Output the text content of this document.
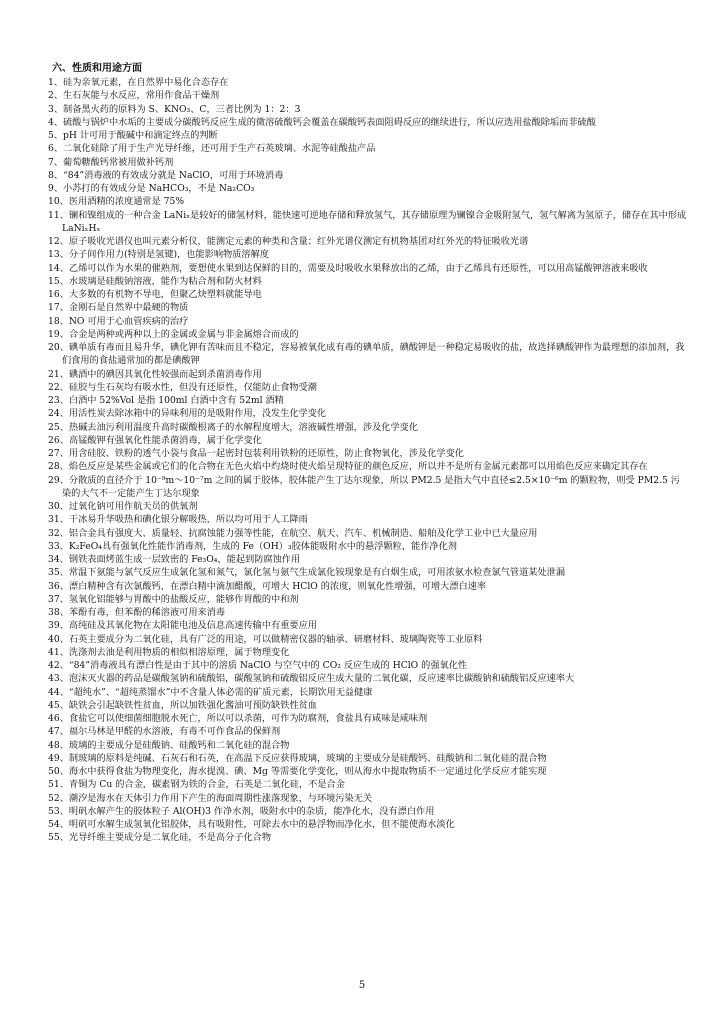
六、性质和用途方面
1、硅为亲氧元素，在自然界中易化合态存在
2、生石灰能与水反应，常用作食品干燥剂
3、制备黑火药的原料为 S、KNO₃、C，三者比例为 1：2：3
4、硫酸与锅炉中水垢的主要成分碳酸钙反应生成的微溶硫酸钙会覆盖在碳酸钙表面阻碍反应的继续进行，所以应选用盐酸除垢而非硫酸
5、pH 计可用于酸碱中和滴定终点的判断
6、二氧化硅除了用于生产光导纤维，还可用于生产石英玻璃、水泥等硅酸盐产品
7、葡萄糖酸钙常被用做补钙剂
8、“84”消毒液的有效成分就是 NaClO，可用于环境消毒
9、小苏打的有效成分是 NaHCO₃，不是 Na₂CO₃
10、医用酒精的浓度通常是 75%
11、镧和镍组成的一种合金 LaNiₓ是较好的储氢材料，能快速可逆地存储和释放氢气，其存储原理为镧镍合金吸附氢气，氢气解离为氢原子，储存在其中形成 LaNiₓHₓ
12、原子吸收光谱仪也叫元素分析仪，能测定元素的种类和含量；红外光谱仪测定有机物基团对红外光的特征吸收光谱
13、分子间作用力(特别是氢键)，也能影响物质溶解度
14、乙烯可以作为水果的催熟剂，要想使水果到达保鲜的目的，需要及时吸收水果释放出的乙烯，由于乙烯具有还原性，可以用高锰酸钾溶液来吸收
15、水玻璃是硅酸钠溶液，能作为粘合剂和防火材料
16、大多数的有机物不导电，但聚乙炔塑料就能导电
17、金刚石是自然界中最硬的物质
18、NO 可用于心血管疾病的治疗
19、合金是两种或两种以上的金属或金属与非金属熔合而成的
20、碘单质有毒而且易升华，碘化钾有苦味而且不稳定，容易被氧化成有毒的碘单质，碘酸钾是一种稳定易吸收的盐，故选择碘酸钾作为最理想的添加剂，我们食用的食盐通常加的都是碘酸钾
21、碘酒中的碘因其氧化性较强而起到杀菌消毒作用
22、硅胶与生石灰均有吸水性，但没有还原性，仅能防止食物受潮
23、白酒中 52%Vol 是指 100ml 白酒中含有 52ml 酒精
24、用活性炭去除冰箱中的异味利用的是吸附作用，没发生化学变化
25、热碱去油污利用温度升高时碳酸根离子的水解程度增大，溶液碱性增强，涉及化学变化
26、高锰酸钾有强氧化性能杀菌消毒，属于化学变化
27、用含硅胶、铁粉的透气小袋与食品一起密封包装利用铁粉的还原性，防止食物氧化，涉及化学变化
28、焰色反应是某些金属或它们的化合物在无色火焰中灼烧时使火焰呈现特征的颜色反应，所以并不是所有金属元素都可以用焰色反应来确定其存在
29、分散质的直径介于 10⁻⁹m～10⁻⁷m 之间的属于胶体，胶体能产生丁达尔现象，所以 PM2.5 是指大气中直径≤2.5×10⁻⁶m 的颗粒物，则受 PM2.5 污染的大气不一定能产生丁达尔现象
30、过氧化钠可用作航天员的供氧剂
31、干冰易升华吸热和碘化银分解吸热，所以均可用于人工降雨
32、铝合金具有强度大、质量轻、抗腐蚀能力强等性能，在航空、航天、汽车、机械制造、船舶及化学工业中已大量应用
33、K₂FeO₄具有强氧化性能作消毒剂，生成的 Fe（OH）₃胶体能吸附水中的悬浮颗粒，能作净化剂
34、钢铁表面烤蓝生成一层致密的 Fe₃O₄，能起到防腐蚀作用
35、常温下氨能与氯气反应生成氯化氢和氮气，氯化氢与氨气生成氯化铵现象是有白烟生成，可用浓氨水检查氯气管道某处泄漏
36、漂白精种含有次氯酸钙，在漂白精中滴加醋酸，可增大 HClO 的浓度，则氧化性增强，可增大漂白速率
37、氢氧化铝能够与胃酸中的盐酸反应，能够作胃酸的中和剂
38、苯酚有毒，但苯酚的稀溶液可用来消毒
39、高纯硅及其氧化物在太阳能电池及信息高速传输中有重要应用
40、石英主要成分为二氧化硅，具有广泛的用途，可以做精密仪器的轴承、研磨材料、玻璃陶瓷等工业原料
41、洗涤剂去油是利用物质的相似相溶原理，属于物理变化
42、“84”消毒液具有漂白性是由于其中的溶质 NaClO 与空气中的 CO₂ 反应生成的 HClO 的强氧化性
43、泡沫灭火器的药品是碳酸氢钠和硫酸铝，碳酸氢钠和硫酸铝反应生成大量的二氧化碳，反应速率比碳酸钠和硫酸铝反应速率大
44、“超纯水”、“超纯蒸馏水”中不含量人体必需的矿质元素，长期饮用无益健康
45、缺铁会引起缺铁性贫血，所以加铁强化酱油可预防缺铁性贫血
46、食盐它可以使细菌细胞脱水死亡，所以可以杀菌，可作为防腐剂，食盐具有咸味是咸味剂
47、福尔马林是甲醛的水溶液，有毒不可作食品的保鲜剂
48、玻璃的主要成分是硅酸钠、硅酸钙和二氧化硅的混合物
49、制玻璃的原料是纯碱、石灰石和石英，在高温下反应获得玻璃，玻璃的主要成分是硅酸钙、硅酸钠和二氧化硅的混合物
50、海水中获得食盐为物理变化，海水提溴、碘、Mg 等需要化学变化，则从海水中提取物质不一定通过化学反应才能实现
51、青铜为 Cu 的合金，碳素钢为铁的合金，石英是二氧化硅，不是合金
52、潮汐是海水在天体引力作用下产生的海面周期性涨落现象，与环境污染无关
53、明矾水解产生的胶体粒子 Al(OH)3 作净水剂，吸附水中的杂质，能净化水，没有漂白作用
54、明矾可水解生成氢氧化铝胶体，具有吸附性，可除去水中的悬浮物而净化水，但不能使海水淡化
55、光导纤维主要成分是二氧化硅，不是高分子化合物
5
